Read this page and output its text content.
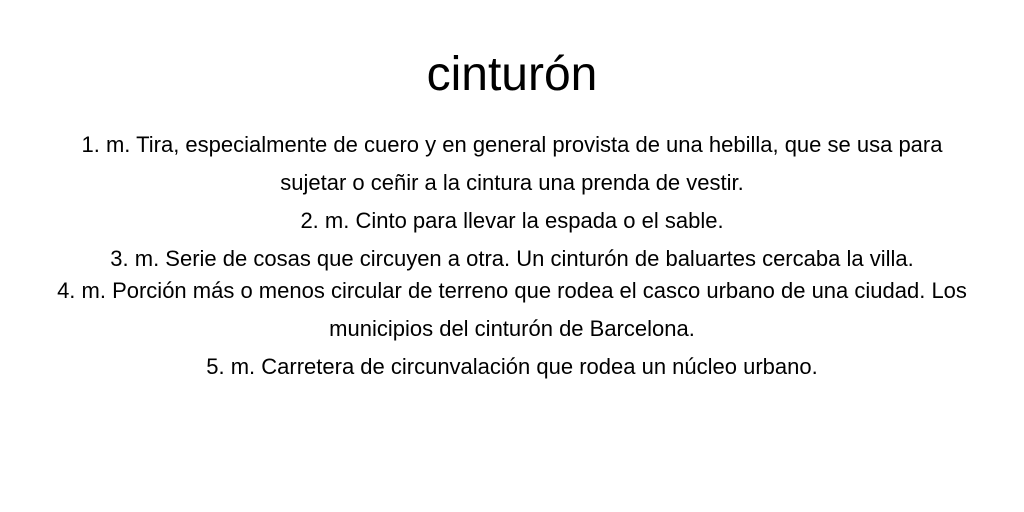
cinturón
1. m. Tira, especialmente de cuero y en general provista de una hebilla, que se usa para sujetar o ceñir a la cintura una prenda de vestir.
2. m. Cinto para llevar la espada o el sable.
3. m. Serie de cosas que circuyen a otra. Un cinturón de baluartes cercaba la villa.
4. m. Porción más o menos circular de terreno que rodea el casco urbano de una ciudad. Los municipios del cinturón de Barcelona.
5. m. Carretera de circunvalación que rodea un núcleo urbano.
